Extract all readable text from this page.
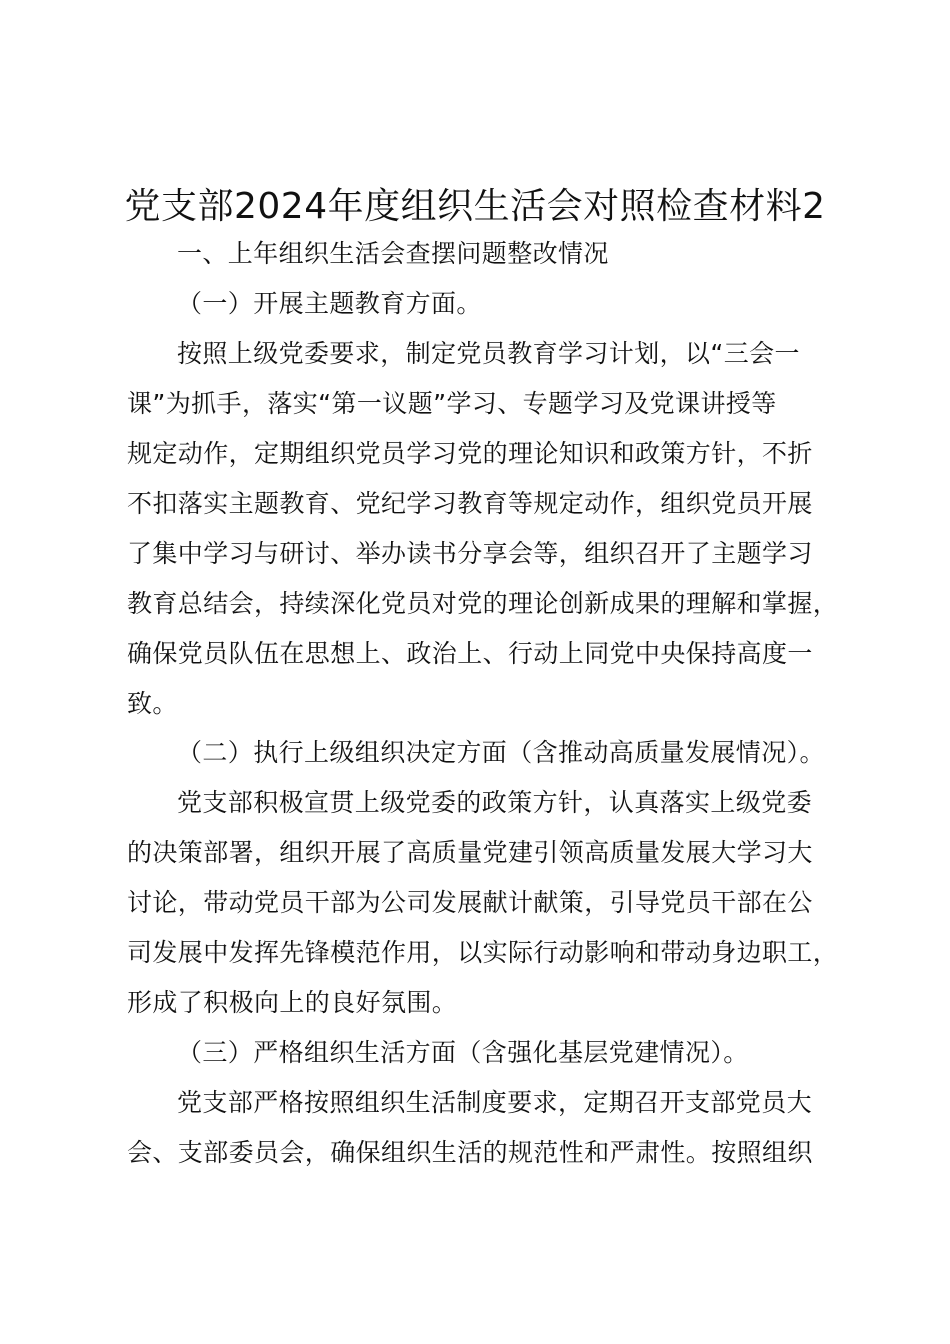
党支部2024年度组织生活会对照检查材料2

一、上年组织生活会查摆问题整改情况

（一）开展主题教育方面。

按照上级党委要求，制定党员教育学习计划，以“三会一

课”为抓手，落实“第一议题”学习、专题学习及党课讲授等

规定动作，定期组织党员学习党的理论知识和政策方针，不折

不扣落实主题教育、党纪学习教育等规定动作，组织党员开展

了集中学习与研讨、举办读书分享会等，组织召开了主题学习

教育总结会，持续深化党员对党的理论创新成果的理解和掌握，

确保党员队伍在思想上、政治上、行动上同党中央保持高度一

致。

（二）执行上级组织决定方面（含推动高质量发展情况）。

党支部积极宣贯上级党委的政策方针，认真落实上级党委

的决策部署，组织开展了高质量党建引领高质量发展大学习大

讨论，带动党员干部为公司发展献计献策，引导党员干部在公

司发展中发挥先锋模范作用，以实际行动影响和带动身边职工，

形成了积极向上的良好氛围。

（三）严格组织生活方面（含强化基层党建情况）。

党支部严格按照组织生活制度要求，定期召开支部党员大

会、支部委员会，确保组织生活的规范性和严肃性。按照组织
